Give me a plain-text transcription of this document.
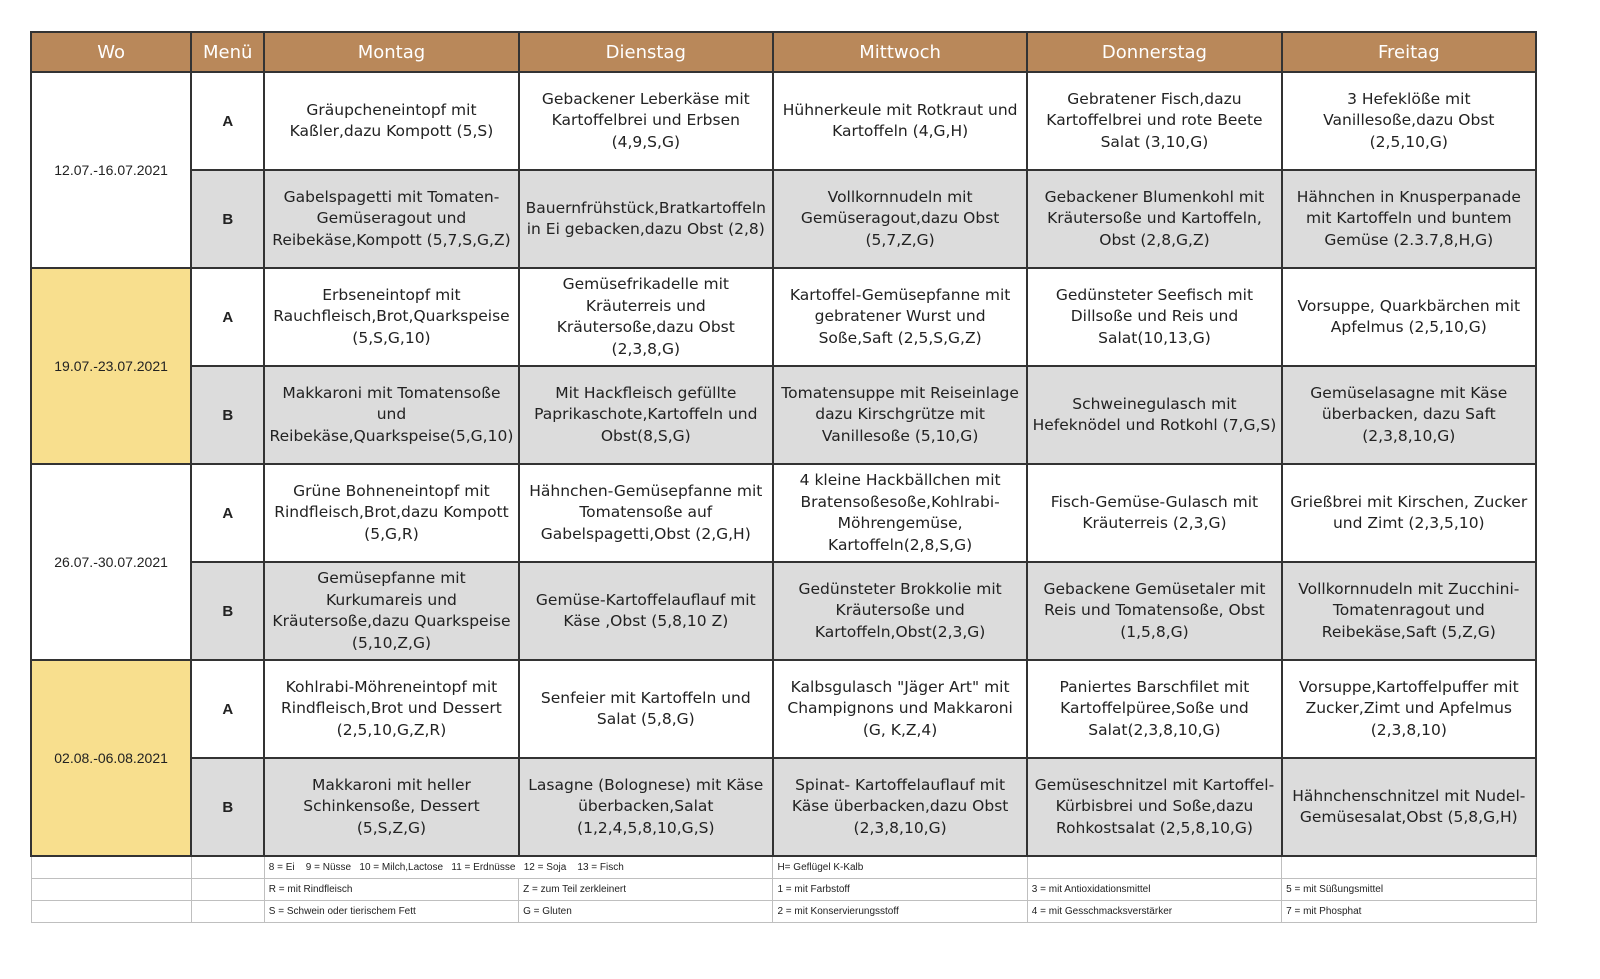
Wo	Menü	Montag	Dienstag	Mittwoch	Donnerstag	Freitag
12.07.-16.07.2021	A	Gräupcheneintopf mit Kaßler,dazu Kompott (5,S)	Gebackener Leberkäse mit Kartoffelbrei und Erbsen (4,9,S,G)	Hühnerkeule mit Rotkraut und Kartoffeln (4,G,H)	Gebratener Fisch,dazu Kartoffelbrei und rote Beete Salat (3,10,G)	3 Hefeklöße mit Vanillesoße,dazu Obst (2,5,10,G)
	B	Gabelspagetti mit Tomaten-Gemüseragout und Reibekäse,Kompott (5,7,S,G,Z)	Bauernfrühstück,Bratkartoffeln in Ei gebacken,dazu Obst (2,8)	Vollkornnudeln mit Gemüseragout,dazu Obst (5,7,Z,G)	Gebackener Blumenkohl mit Kräutersoße und Kartoffeln, Obst (2,8,G,Z)	Hähnchen in Knusperpanade mit Kartoffeln und buntem Gemüse (2.3.7,8,H,G)
19.07.-23.07.2021	A	Erbseneintopf mit Rauchfleisch,Brot,Quarkspeise (5,S,G,10)	Gemüsefrikadelle mit Kräuterreis und Kräutersoße,dazu Obst (2,3,8,G)	Kartoffel-Gemüsepfanne mit gebratener Wurst und Soße,Saft (2,5,S,G,Z)	Gedünsteter Seefisch mit Dillsoße und Reis und Salat(10,13,G)	Vorsuppe, Quarkbärchen mit Apfelmus (2,5,10,G)
	B	Makkaroni mit Tomatensoße und Reibekäse,Quarkspeise(5,G,10)	Mit Hackfleisch gefüllte Paprikaschote,Kartoffeln und Obst(8,S,G)	Tomatensuppe mit Reiseinlage dazu Kirschgrütze mit Vanillesoße (5,10,G)	Schweinegulasch mit Hefeknödel und Rotkohl (7,G,S)	Gemüselasagne mit Käse überbacken, dazu Saft (2,3,8,10,G)
26.07.-30.07.2021	A	Grüne Bohneneintopf mit Rindfleisch,Brot,dazu Kompott (5,G,R)	Hähnchen-Gemüsepfanne mit Tomatensoße auf Gabelspagetti,Obst (2,G,H)	4 kleine Hackbällchen mit Bratensoßesoße,Kohlrabi-Möhrengemüse, Kartoffeln(2,8,S,G)	Fisch-Gemüse-Gulasch mit Kräuterreis (2,3,G)	Grießbrei mit Kirschen, Zucker und Zimt (2,3,5,10)
	B	Gemüsepfanne mit Kurkumareis und Kräutersoße,dazu Quarkspeise (5,10,Z,G)	Gemüse-Kartoffelauflauf mit Käse ,Obst (5,8,10 Z)	Gedünsteter Brokkolie mit Kräutersoße und Kartoffeln,Obst(2,3,G)	Gebackene Gemüsetaler mit Reis und Tomatensoße, Obst (1,5,8,G)	Vollkornnudeln mit Zucchini-Tomatenragout und Reibekäse,Saft (5,Z,G)
02.08.-06.08.2021	A	Kohlrabi-Möhreneintopf mit Rindfleisch,Brot und Dessert (2,5,10,G,Z,R)	Senfeier mit Kartoffeln und Salat (5,8,G)	Kalbsgulasch "Jäger Art" mit Champignons und Makkaroni (G, K,Z,4)	Paniertes Barschfilet mit Kartoffelpüree,Soße und Salat(2,3,8,10,G)	Vorsuppe,Kartoffelpuffer mit Zucker,Zimt und Apfelmus (2,3,8,10)
	B	Makkaroni mit heller Schinkensoße, Dessert (5,S,Z,G)	Lasagne (Bolognese) mit Käse überbacken,Salat (1,2,4,5,8,10,G,S)	Spinat- Kartoffelauflauf mit Käse überbacken,dazu Obst (2,3,8,10,G)	Gemüseschnitzel mit Kartoffel-Kürbisbrei und Soße,dazu Rohkostsalat (2,5,8,10,G)	Hähnchenschnitzel mit Nudel-Gemüsesalat,Obst (5,8,G,H)
		8 = Ei    9 = Nüsse   10 = Milch,Lactose   11 = Erdnüsse   12 = Soja    13 = Fisch		H= Geflügel K-Kalb		
		R = mit Rindfleisch	Z = zum Teil zerkleinert	1 = mit Farbstoff	3 = mit Antioxidationsmittel	5 = mit Süßungsmittel
		S = Schwein oder tierischem Fett	G = Gluten	2 = mit Konservierungsstoff	4 = mit Gesschmacksverstärker	7 = mit Phosphat
